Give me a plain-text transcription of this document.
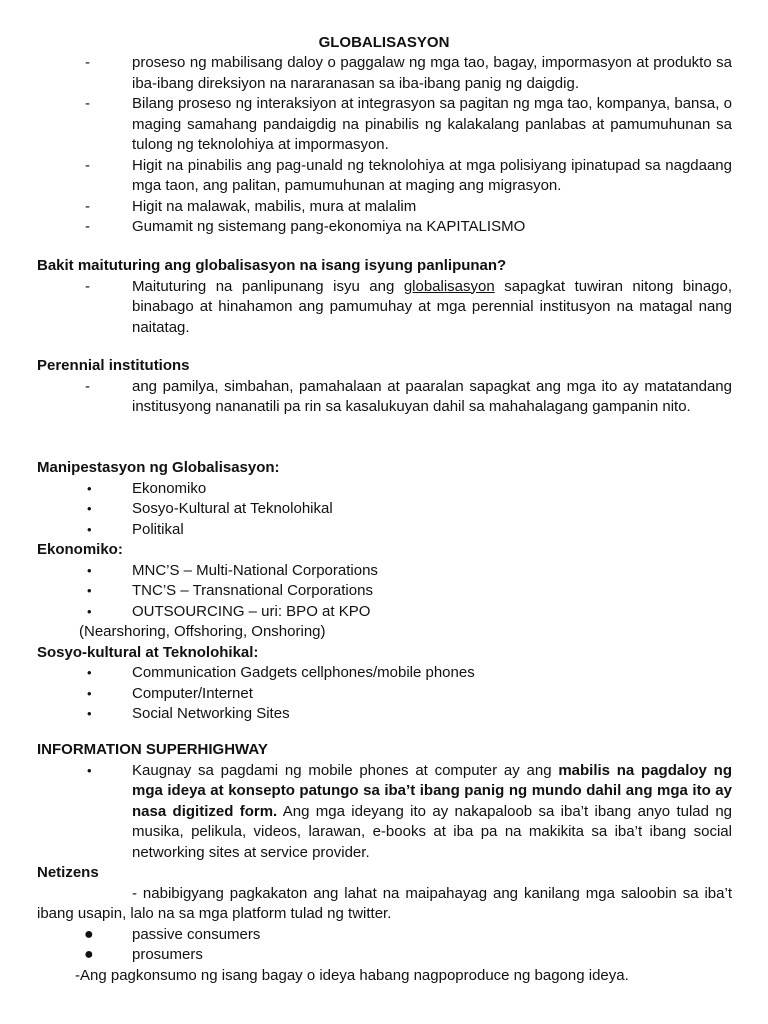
GLOBALISASYON
-	proseso ng mabilisang daloy o paggalaw ng mga tao, bagay, impormasyon at produkto sa iba-ibang direksiyon na nararanasan sa iba-ibang panig ng daigdig.
-	Bilang proseso ng interaksiyon at integrasyon sa pagitan ng mga tao, kompanya, bansa, o maging samahang pandaigdig na pinabilis ng kalakalang panlabas at pamumuhunan sa tulong ng teknolohiya at impormasyon.
-	Higit na pinabilis ang pag-unald ng teknolohiya at mga polisiyang ipinatupad sa nagdaang mga taon, ang palitan, pamumuhunan at maging ang migrasyon.
-	Higit na malawak, mabilis, mura at malalim
-	Gumamit ng sistemang pang-ekonomiya na KAPITALISMO
Bakit maituturing ang globalisasyon na isang isyung panlipunan?
-	Maituturing na panlipunang isyu ang globalisasyon sapagkat tuwiran nitong binago, binabago at hinahamon ang pamumuhay at mga perennial institusyon na matagal nang naitatag.
Perennial institutions
-	ang pamilya, simbahan, pamahalaan at paaralan sapagkat ang mga ito ay matatandang institusyong nananatili pa rin sa kasalukuyan dahil sa mahahalagang gampanin nito.
Manipestasyon ng Globalisasyon:
•	Ekonomiko
•	Sosyo-Kultural at Teknolohikal
•	Politikal
Ekonomiko:
•	MNC’S – Multi-National Corporations
•	TNC’S – Transnational Corporations
•	OUTSOURCING – uri: BPO at KPO
(Nearshoring, Offshoring, Onshoring)
Sosyo-kultural at Teknolohikal:
•	Communication Gadgets cellphones/mobile phones
•	Computer/Internet
•	Social Networking Sites
INFORMATION SUPERHIGHWAY
•	Kaugnay sa pagdami ng mobile phones at computer ay ang mabilis na pagdaloy ng mga ideya at konsepto patungo sa iba’t ibang panig ng mundo dahil ang mga ito ay nasa digitized form. Ang mga ideyang ito ay nakapaloob sa iba’t ibang anyo tulad ng musika, pelikula, videos, larawan, e-books at iba pa na makikita sa iba’t ibang social networking sites at service provider.
Netizens
- nabibigyang pagkakaton ang lahat na maipahayag ang kanilang mga saloobin sa iba’t ibang usapin, lalo na sa mga platform tulad ng twitter.
●	passive consumers
●	prosumers
-Ang pagkonsumo ng isang bagay o ideya habang nagpoproduce ng bagong ideya.
